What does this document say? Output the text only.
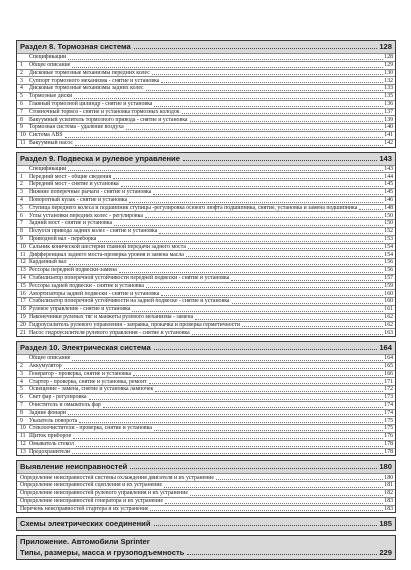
Раздел 8. Тормозная система	128
Спецификации	128
1 Общее описание	129
2 Дисковые тормозные механизмы передних колес	130
3 Суппорт тормозного механизма - снятие и установка	132
4 Дисковые тормозные механизмы задних колес	133
5 Тормозные диски	135
6 Главный тормозной цилиндр - снятие и установка	136
7 Стояночный тормоз - снятие и установка тормозных колодок	137
8 Вакуумный усилитель тормозного привода - снятие и установка	139
9 Тормозная система - удаление воздуха	140
10 Система ABS	141
11 Вакуумный насос	142
Раздел 9. Подвеска и рулевое управление	143
Спецификации	143
1 Передний мост - общие сведения	144
2 Передний мост - снятие и установка	145
3 Нижние поперечные рычаги - снятие и установка	145
4 Поворотный кулак - снятие и установка	146
5 Ступица переднего колеса и подшипник ступицы -регулировка осевого люфта подшипника, снятие, установка и замена подшипника	148
6 Углы установки передних колес - регулировка	150
7 Задний мост - снятие и установка	150
8 Полуоси привода задних колес - снятие и установка	152
9 Приводной вал - переборка	153
10 Сальник конической шестерни главной передачи заднего моста	154
11 Дифференциал заднего моста-проверка уровня и замена масла	154
12 Карданный вал	156
13 Рессоры передней подвески-замена	156
14 Стабилизатор поперечной устойчивости передней подвески - снятие и установка	157
15 Рессоры задней подвески - снятие и установка	159
16 Амортизаторы задней подвески - снятие и установка	160
17 Стабилизатор поперечной устойчивости на задней подвеске - снятие и установка	160
18 Рулевое управление - снятие и установка	161
19 Наконечники рулевых тяг и манжеты рулевого механизма - замена	162
20 Гидроусилитель рулевого управления - заправка, прокачка и проверка герметичности	162
21 Насос гидроусилителя рулевого управления - снятие и установка	163
Раздел 10. Электрическая система	164
Общее описание	164
2 Аккумулятор	165
3 Генератор - проверка, снятие и установка	166
4 Стартер - проверка, снятие и установка, ремонт	171
5 Освещение - замена, снятие и установка лампочек	172
6 Свет фар - регулировка	173
7 Очиститель и омыватель фар	174
8 Задние фонари	174
9 Указатель поворота	175
10 Стеклоочистители - проверка, снятие и установка	175
11 Щиток приборов	176
12 Омыватель стекол	178
13 Предохранители	178
Выявление неисправностей	180
Определение неисправностей системы охлаждения двигателя и их устранение	180
Определение неисправностей сцепления и их устранение	181
Определение неисправностей рулевого управления и их устранение	182
Определение неисправностей генератора и их устранение	183
Перечень неисправностей стартера и их устранение	183
Схемы электрических соединений	185
Приложение. Автомобили Sprinter
Типы, размеры, масса и грузоподъемность	229
